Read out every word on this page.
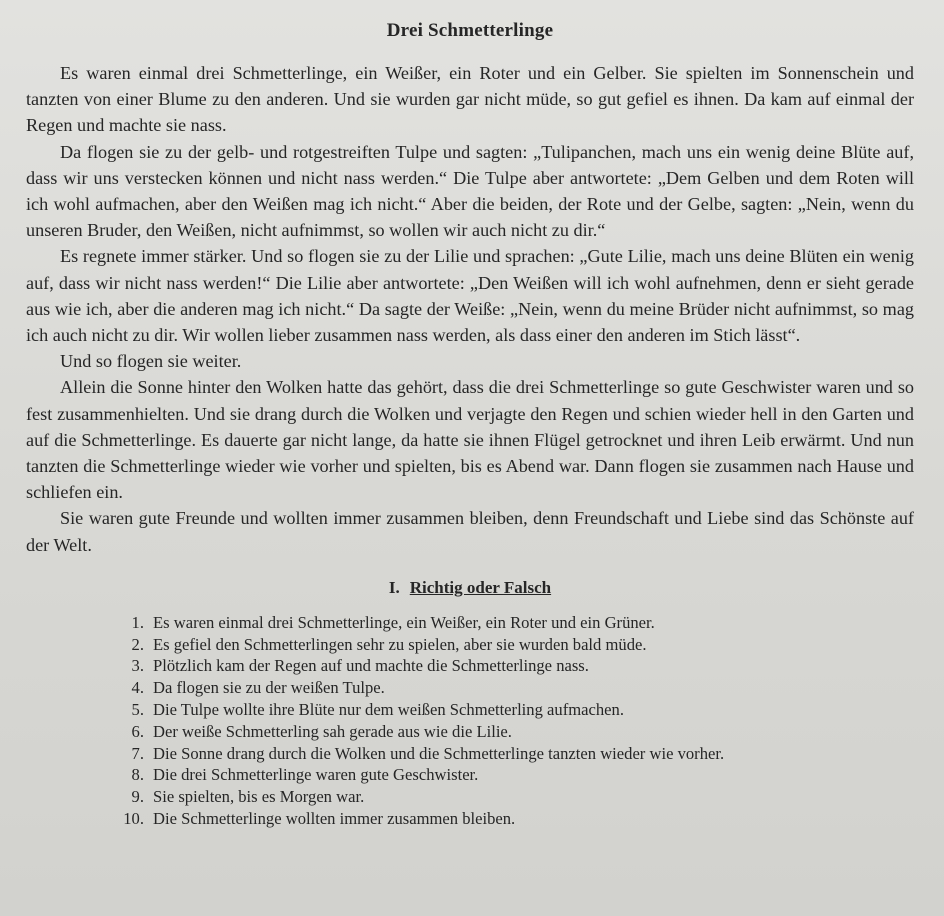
Drei Schmetterlinge

Es waren einmal drei Schmetterlinge, ein Weißer, ein Roter und ein Gelber. Sie spielten im Sonnenschein und tanzten von einer Blume zu den anderen. Und sie wurden gar nicht müde, so gut gefiel es ihnen. Da kam auf einmal der Regen und machte sie nass.

Da flogen sie zu der gelb- und rotgestreiften Tulpe und sagten: „Tulipanchen, mach uns ein wenig deine Blüte auf, dass wir uns verstecken können und nicht nass werden.“ Die Tulpe aber antwortete: „Dem Gelben und dem Roten will ich wohl aufmachen, aber den Weißen mag ich nicht.“ Aber die beiden, der Rote und der Gelbe, sagten: „Nein, wenn du unseren Bruder, den Weißen, nicht aufnimmst, so wollen wir auch nicht zu dir.“

Es regnete immer stärker. Und so flogen sie zu der Lilie und sprachen: „Gute Lilie, mach uns deine Blüten ein wenig auf, dass wir nicht nass werden!“ Die Lilie aber antwortete: „Den Weißen will ich wohl aufnehmen, denn er sieht gerade aus wie ich, aber die anderen mag ich nicht.“ Da sagte der Weiße: „Nein, wenn du meine Brüder nicht aufnimmst, so mag ich auch nicht zu dir. Wir wollen lieber zusammen nass werden, als dass einer den anderen im Stich lässt“.

Und so flogen sie weiter.

Allein die Sonne hinter den Wolken hatte das gehört, dass die drei Schmetterlinge so gute Geschwister waren und so fest zusammenhielten. Und sie drang durch die Wolken und verjagte den Regen und schien wieder hell in den Garten und auf die Schmetterlinge. Es dauerte gar nicht lange, da hatte sie ihnen Flügel getrocknet und ihren Leib erwärmt. Und nun tanzten die Schmetterlinge wieder wie vorher und spielten, bis es Abend war. Dann flogen sie zusammen nach Hause und schliefen ein.

Sie waren gute Freunde und wollten immer zusammen bleiben, denn Freundschaft und Liebe sind das Schönste auf der Welt.

I. Richtig oder Falsch
1. Es waren einmal drei Schmetterlinge, ein Weißer, ein Roter und ein Grüner.
2. Es gefiel den Schmetterlingen sehr zu spielen, aber sie wurden bald müde.
3. Plötzlich kam der Regen auf und machte die Schmetterlinge nass.
4. Da flogen sie zu der weißen Tulpe.
5. Die Tulpe wollte ihre Blüte nur dem weißen Schmetterling aufmachen.
6. Der weiße Schmetterling sah gerade aus wie die Lilie.
7. Die Sonne drang durch die Wolken und die Schmetterlinge tanzten wieder wie vorher.
8. Die drei Schmetterlinge waren gute Geschwister.
9. Sie spielten, bis es Morgen war.
10. Die Schmetterlinge wollten immer zusammen bleiben.
